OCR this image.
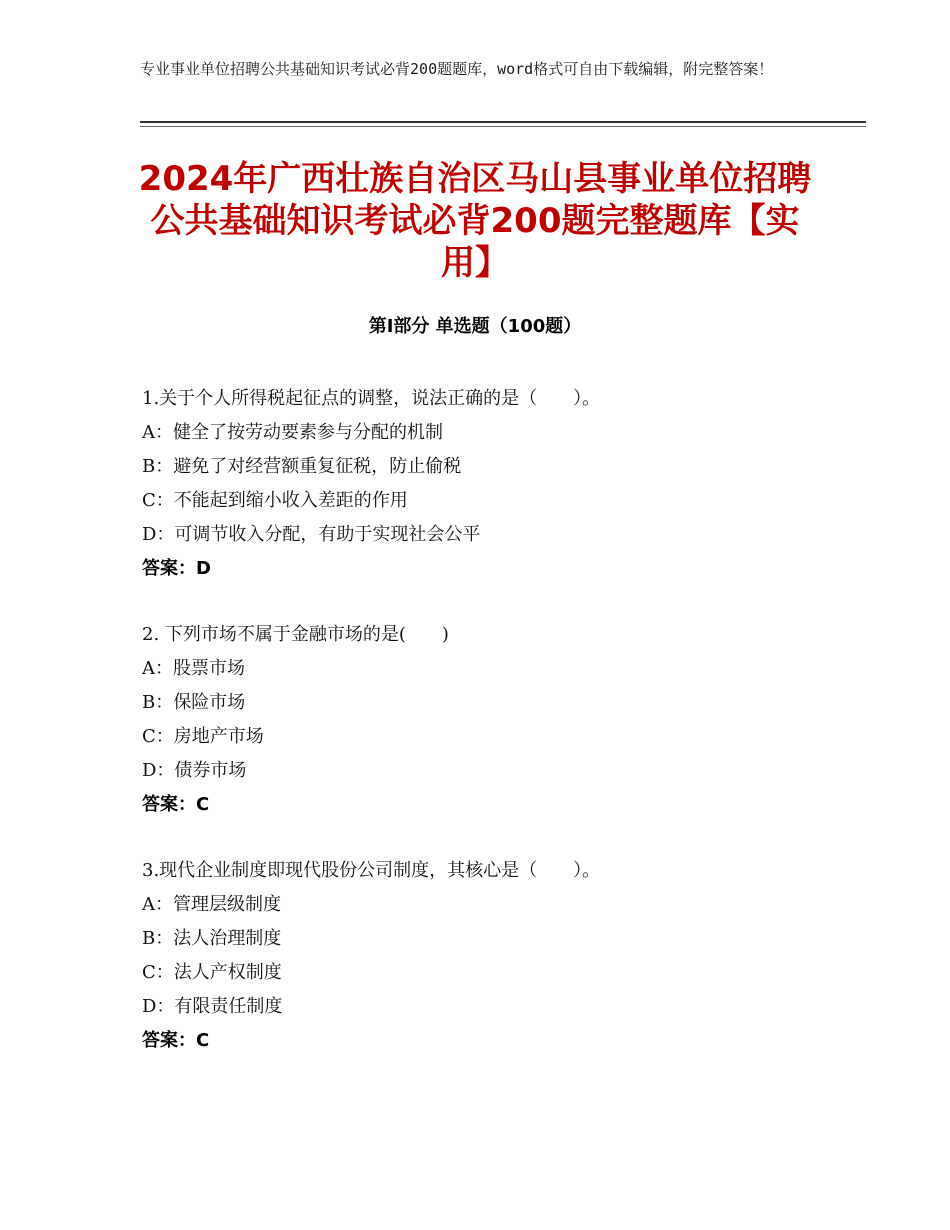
专业事业单位招聘公共基础知识考试必背200题题库，word格式可自由下载编辑，附完整答案！
2024年广西壮族自治区马山县事业单位招聘公共基础知识考试必背200题完整题库【实用】
第Ⅰ部分 单选题（100题）
1.关于个人所得税起征点的调整，说法正确的是（　　）。
A：健全了按劳动要素参与分配的机制
B：避免了对经营额重复征税，防止偷税
C：不能起到缩小收入差距的作用
D：可调节收入分配，有助于实现社会公平
答案：D
2. 下列市场不属于金融市场的是(　　)
A：股票市场
B：保险市场
C：房地产市场
D：债券市场
答案：C
3.现代企业制度即现代股份公司制度，其核心是（　　）。
A：管理层级制度
B：法人治理制度
C：法人产权制度
D：有限责任制度
答案：C
